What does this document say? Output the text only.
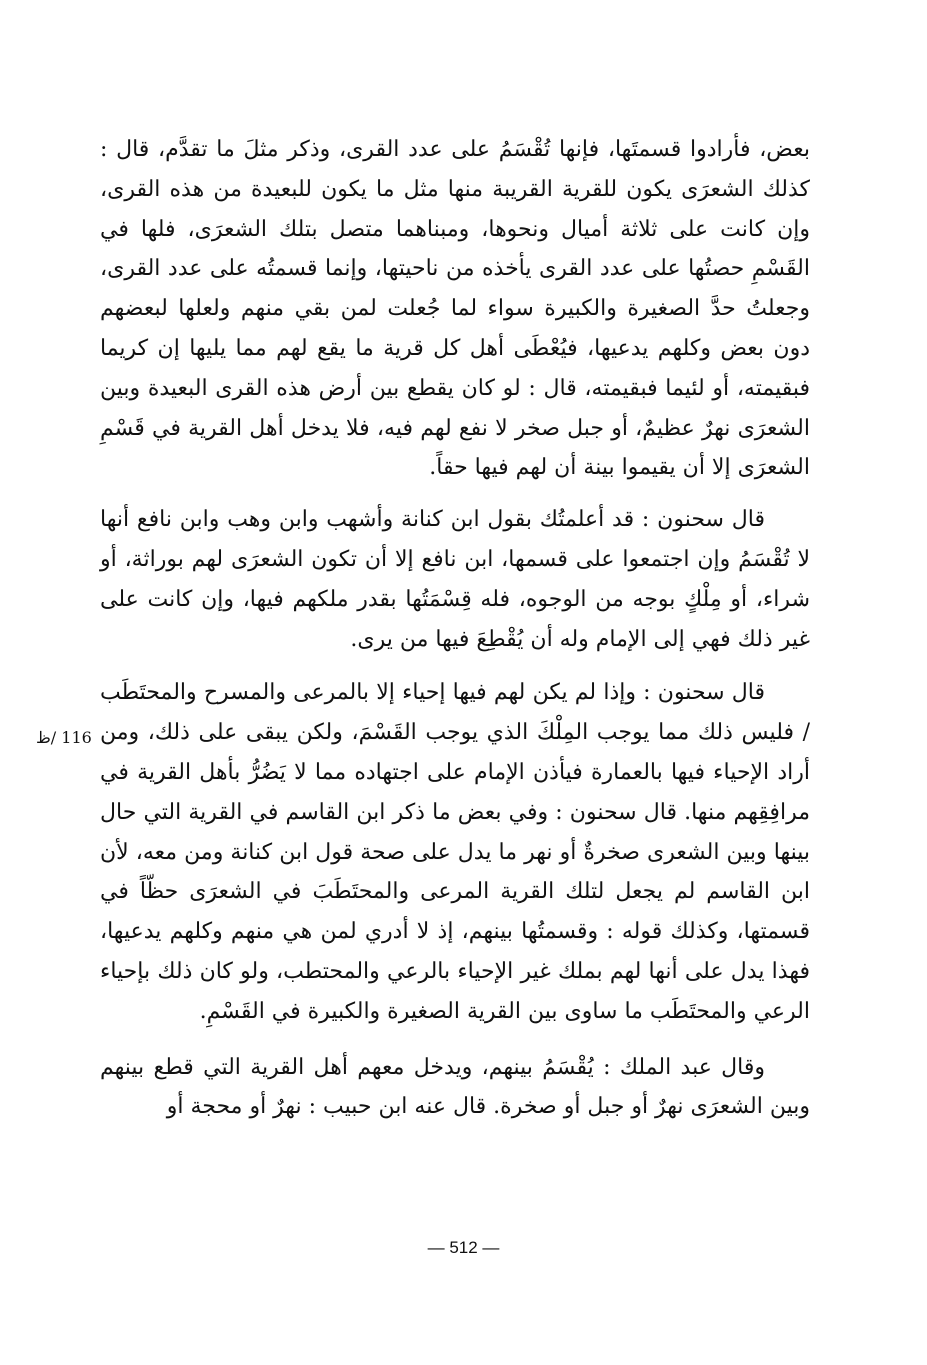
بعض، فأرادوا قسمتَها، فإنها تُقْسَمُ على عدد القرى، وذكر مثلَ ما تقدَّم، قال : كذلك الشعرَى يكون للقرية القريبة منها مثل ما يكون للبعيدة من هذه القرى، وإن كانت على ثلاثة أميال ونحوها، ومبناهما متصل بتلك الشعرَى، فلها في القَسْمِ حصتُها على عدد القرى يأخذه من ناحيتها، وإنما قسمتُه على عدد القرى، وجعلتُ حدَّ الصغيرة والكبيرة سواء لما جُعلت لمن بقي منهم ولعلها لبعضهم دون بعض وكلهم يدعيها، فيُعْطَى أهل كل قرية ما يقع لهم مما يليها إن كريما فبقيمته، أو لئيما فبقيمته، قال : لو كان يقطع بين أرض هذه القرى البعيدة وبين الشعرَى نهرٌ عظيمٌ، أو جبل صخر لا نفع لهم فيه، فلا يدخل أهل القرية في قَسْمِ الشعرَى إلا أن يقيموا بينة أن لهم فيها حقاً.

قال سحنون : قد أعلمتُك بقول ابن كنانة وأشهب وابن وهب وابن نافع أنها لا تُقْسَمُ وإن اجتمعوا على قسمها، ابن نافع إلا أن تكون الشعرَى لهم بوراثة، أو شراء، أو مِلْكٍ بوجه من الوجوه، فله قِسْمَتُها بقدر ملكهم فيها، وإن كانت على غير ذلك فهي إلى الإمام وله أن يُقْطِعَ فيها من يرى.

قال سحنون : وإذا لم يكن لهم فيها إحياء إلا بالمرعى والمسرح والمحتَطَب / فليس ذلك مما يوجب المِلْكَ الذي يوجب القَسْمَ، ولكن يبقى على ذلك، ومن أراد الإحياء فيها بالعمارة فيأذن الإمام على اجتهاده مما لا يَضُرُّ بأهل القرية في مرافِقِهم منها. قال سحنون : وفي بعض ما ذكر ابن القاسم في القرية التي حال بينها وبين الشعرى صخرةٌ أو نهر ما يدل على صحة قول ابن كنانة ومن معه، لأن ابن القاسم لم يجعل لتلك القرية المرعى والمحتَطَبَ في الشعرَى حظّاً في قسمتها، وكذلك قوله : وقسمتُها بينهم، إذ لا أدري لمن هي منهم وكلهم يدعيها، فهذا يدل على أنها لهم بملك غير الإحياء بالرعي والمحتطب، ولو كان ذلك بإحياء الرعي والمحتَطَب ما ساوى بين القرية الصغيرة والكبيرة في القَسْمِ.

وقال عبد الملك : يُقْسَمُ بينهم، ويدخل معهم أهل القرية التي قطع بينهم وبين الشعرَى نهرٌ أو جبل أو صخرة. قال عنه ابن حبيب : نهرٌ أو محجة أو

116 /ظ
— 512 —
